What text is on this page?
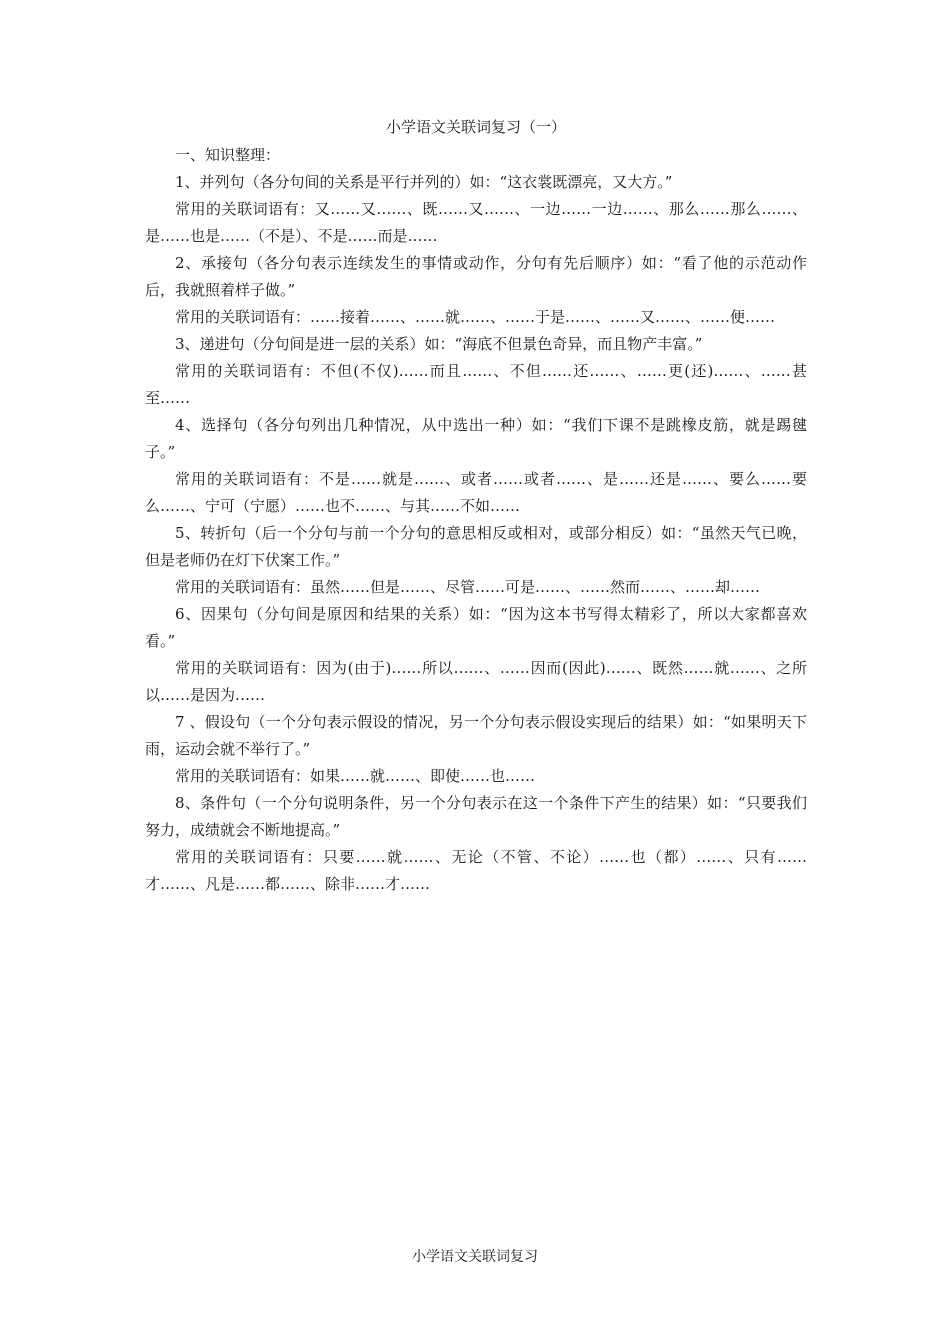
小学语文关联词复习（一）

一、知识整理：

1、并列句（各分句间的关系是平行并列的）如：“这衣裳既漂亮，又大方。”

常用的关联词语有：又……又……、既……又……、一边……一边……、那么……那么……、是……也是……（不是）、不是……而是……

2、承接句（各分句表示连续发生的事情或动作，分句有先后顺序）如：“看了他的示范动作后，我就照着样子做。”

常用的关联词语有：……接着……、……就……、……于是……、……又……、……便……

3、递进句（分句间是进一层的关系）如：“海底不但景色奇异，而且物产丰富。”

常用的关联词语有：不但(不仅)……而且……、不但……还……、……更(还)……、……甚至……

4、选择句（各分句列出几种情况，从中选出一种）如：“我们下课不是跳橡皮筋，就是踢毽子。”

常用的关联词语有：不是……就是……、或者……或者……、是……还是……、要么……要么……、宁可（宁愿）……也不……、与其……不如……

5、转折句（后一个分句与前一个分句的意思相反或相对，或部分相反）如：“虽然天气已晚，但是老师仍在灯下伏案工作。”

常用的关联词语有：虽然……但是……、尽管……可是……、……然而……、……却……

6、因果句（分句间是原因和结果的关系）如：“因为这本书写得太精彩了，所以大家都喜欢看。”

常用的关联词语有：因为(由于)……所以……、……因而(因此)……、既然……就……、之所以……是因为……

7 、假设句（一个分句表示假设的情况，另一个分句表示假设实现后的结果）如：“如果明天下雨，运动会就不举行了。”

常用的关联词语有：如果……就……、即使……也……

8、条件句（一个分句说明条件，另一个分句表示在这一个条件下产生的结果）如：“只要我们努力，成绩就会不断地提高。”

常用的关联词语有：只要……就……、无论（不管、不论）……也（都）……、只有……才……、凡是……都……、除非……才……

小学语文关联词复习
